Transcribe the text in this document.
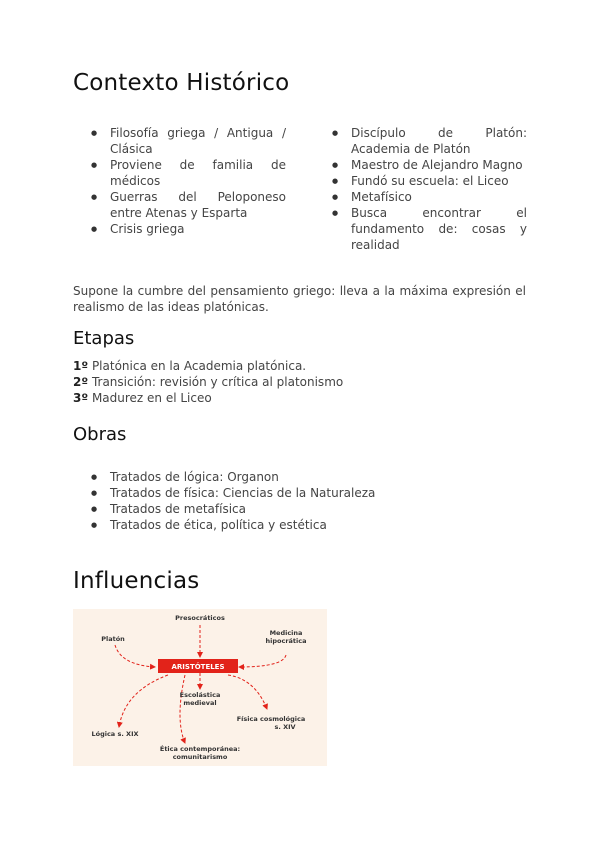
Contexto Histórico
● Filosofía griega / Antigua / Clásica
● Proviene de familia de médicos
● Guerras del Peloponeso entre Atenas y Esparta
● Crisis griega
● Discípulo de Platón: Academia de Platón
● Maestro de Alejandro Magno
● Fundó su escuela: el Liceo
● Metafísico
● Busca encontrar el fundamento de: cosas y realidad

Supone la cumbre del pensamiento griego: lleva a la máxima expresión el realismo de las ideas platónicas.

Etapas
1º Platónica en la Academia platónica.
2º Transición: revisión y crítica al platonismo
3º Madurez en el Liceo
Obras
● Tratados de lógica: Organon
● Tratados de física: Ciencias de la Naturaleza
● Tratados de metafísica
● Tratados de ética, política y estética
Influencias
ARISTÓTELES
Presocráticos
Platón
Medicina
hipocrática
Escolástica
medieval
Física cosmológica
s. XIV
Lógica s. XIX
Ética contemporánea:
comunitarismo
